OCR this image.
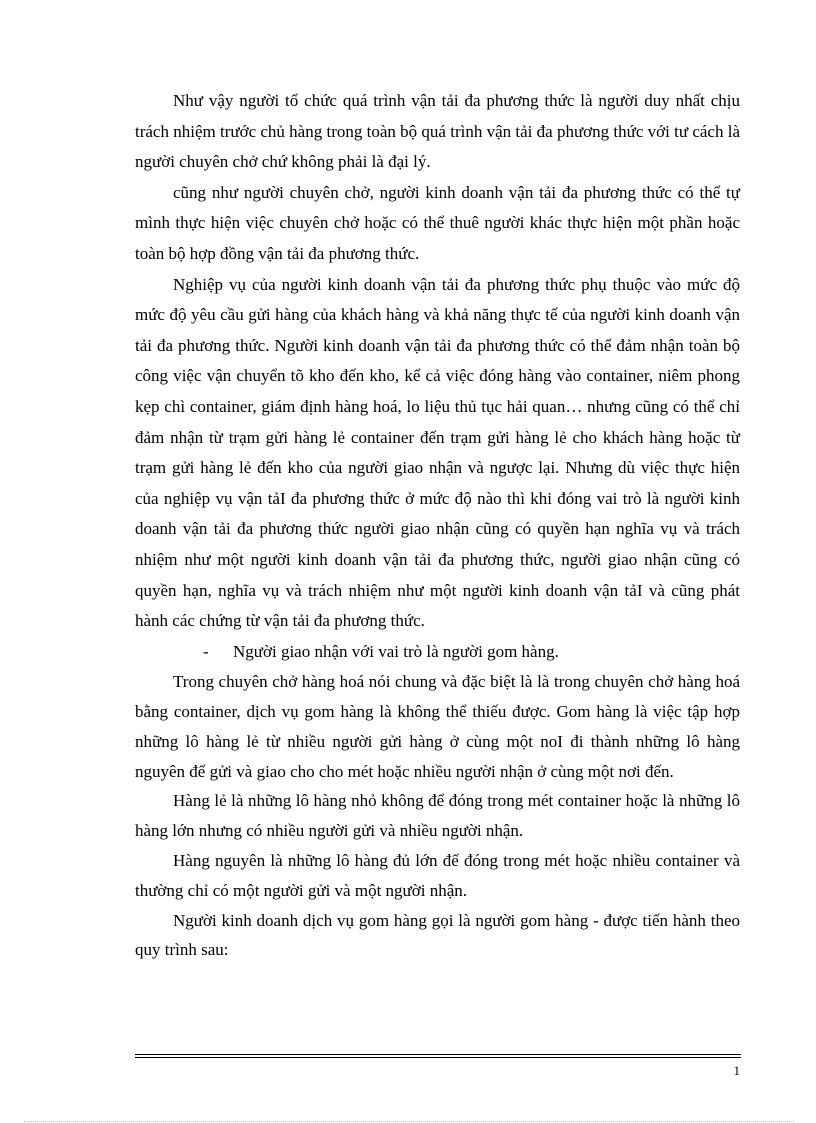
Như vậy người tổ chức quá trình vận tải đa phương thức là người duy nhất chịu trách nhiệm trước chủ hàng trong toàn bộ quá trình vận tải đa phương thức với tư cách là người chuyên chở chứ không phải là đại lý.

cũng như người chuyên chở, người kinh doanh vận tải đa phương thức có thể tự mình thực hiện việc chuyên chở hoặc có thể thuê người khác thực hiện một phần hoặc toàn bộ hợp đồng vận tải đa phương thức.

Nghiệp vụ của người kinh doanh vận tải đa phương thức phụ thuộc vào mức độ mức độ yêu cầu gửi hàng của khách hàng và khả năng thực tế của người kinh doanh vận tải đa phương thức. Người kinh doanh vận tải đa phương thức có thể đảm nhận toàn bộ công việc vận chuyển tõ kho đến kho, kể cả việc đóng hàng vào container, niêm phong kẹp chì container, giám định hàng hoá, lo liệu thủ tục hải quan… nhưng cũng có thể chỉ đảm nhận từ trạm gửi hàng lẻ container đến trạm gửi hàng lẻ cho khách hàng hoặc từ trạm gửi hàng lẻ đến kho của người giao nhận và ngược lại. Nhưng dù việc thực hiện của nghiệp vụ vận tảI đa phương thức ở mức độ nào thì khi đóng vai trò là người kinh doanh vận tải đa phương thức người giao nhận cũng có quyền hạn nghĩa vụ và trách nhiệm như một người kinh doanh vận tải đa phương thức, người giao nhận cũng có quyền hạn, nghĩa vụ và trách nhiệm như một người kinh doanh vận tảI và cũng phát hành các chứng từ vận tải đa phương thức.

-	Người giao nhận với vai trò là người gom hàng.

Trong chuyên chở hàng hoá nói chung và đặc biệt là là trong chuyên chở hàng hoá bằng container, dịch vụ gom hàng là không thể thiếu được. Gom hàng là việc tập hợp những lô hàng lẻ từ nhiều người gửi hàng ở cùng một noI đi thành những lô hàng nguyên để gửi và giao cho cho mét hoặc nhiều người nhận ở cùng một nơi đến.

Hàng lẻ là những lô hàng nhỏ không để đóng trong mét container hoặc là những lô hàng lớn nhưng có nhiều người gửi và nhiều người nhận.

Hàng nguyên là những lô hàng đủ lớn để đóng trong mét hoặc nhiều container và thường chỉ có một người gửi và một người nhận.

Người kinh doanh dịch vụ gom hàng gọi là người gom hàng - được tiến hành theo quy trình sau:

1
